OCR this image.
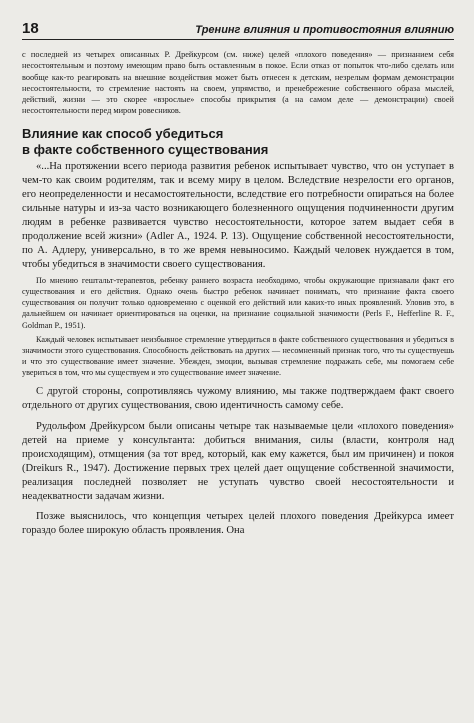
18	Тренинг влияния и противостояния влиянию

с последней из четырех описанных Р. Дрейкурсом (см. ниже) целей «плохого поведения» — признанием себя несостоятельным и поэтому имеющим право быть оставленным в покое. Если отказ от попыток что-либо сделать или вообще как-то реагировать на внешние воздействия может быть отнесен к детским, незрелым формам демонстрации несостоятельности, то стремление настоять на своем, упрямство, и пренебрежение собственного образа мыслей, действий, жизни — это скорее «взрослые» способы прикрытия (а на самом деле — демонстрации) своей несостоятельности перед миром ровесников.

Влияние как способ убедиться
в факте собственного существования

«...На протяжении всего периода развития ребенок испытывает чувство, что он уступает в чем-то как своим родителям, так и всему миру в целом. Вследствие незрелости его органов, его неопределенности и несамостоятельности, вследствие его потребности опираться на более сильные натуры и из-за часто возникающего болезненного ощущения подчиненности другим людям в ребенке развивается чувство несостоятельности, которое затем выдает себя в продолжение всей жизни» (Adler A., 1924. P. 13). Ощущение собственной несостоятельности, по А. Адлеру, универсально, в то же время невыносимо. Каждый человек нуждается в том, чтобы убедиться в значимости своего существования.

По мнению гештальт-терапевтов, ребенку раннего возраста необходимо, чтобы окружающие признавали факт его существования и его действия. Однако очень быстро ребенок начинает понимать, что признание факта своего существования он получит только одновременно с оценкой его действий или каких-то иных проявлений. Уловив это, в дальнейшем он начинает ориентироваться на оценки, на признание социальной значимости (Perls F., Hefferline R. F., Goldman P., 1951).

Каждый человек испытывает неизбывное стремление утвердиться в факте собственного существования и убедиться в значимости этого существования. Способность действовать на других — несомненный признак того, что ты существуешь и что это существование имеет значение. Убежден, эмоции, вызывая стремление подражать себе, мы помогаем себе увериться в том, что мы существуем и это существование имеет значение.

С другой стороны, сопротивляясь чужому влиянию, мы также подтверждаем факт своего отдельного от других существования, свою идентичность самому себе.

Рудольфом Дрейкурсом были описаны четыре так называемые цели «плохого поведения» детей на приеме у консультанта: добиться внимания, силы (власти, контроля над происходящим), отмщения (за тот вред, который, как ему кажется, был им причинен) и покоя (Dreikurs R., 1947). Достижение первых трех целей дает ощущение собственной значимости, реализация последней позволяет не уступать чувство своей несостоятельности и неадекватности задачам жизни.

Позже выяснилось, что концепция четырех целей плохого поведения Дрейкурса имеет гораздо более широкую область проявления. Она
